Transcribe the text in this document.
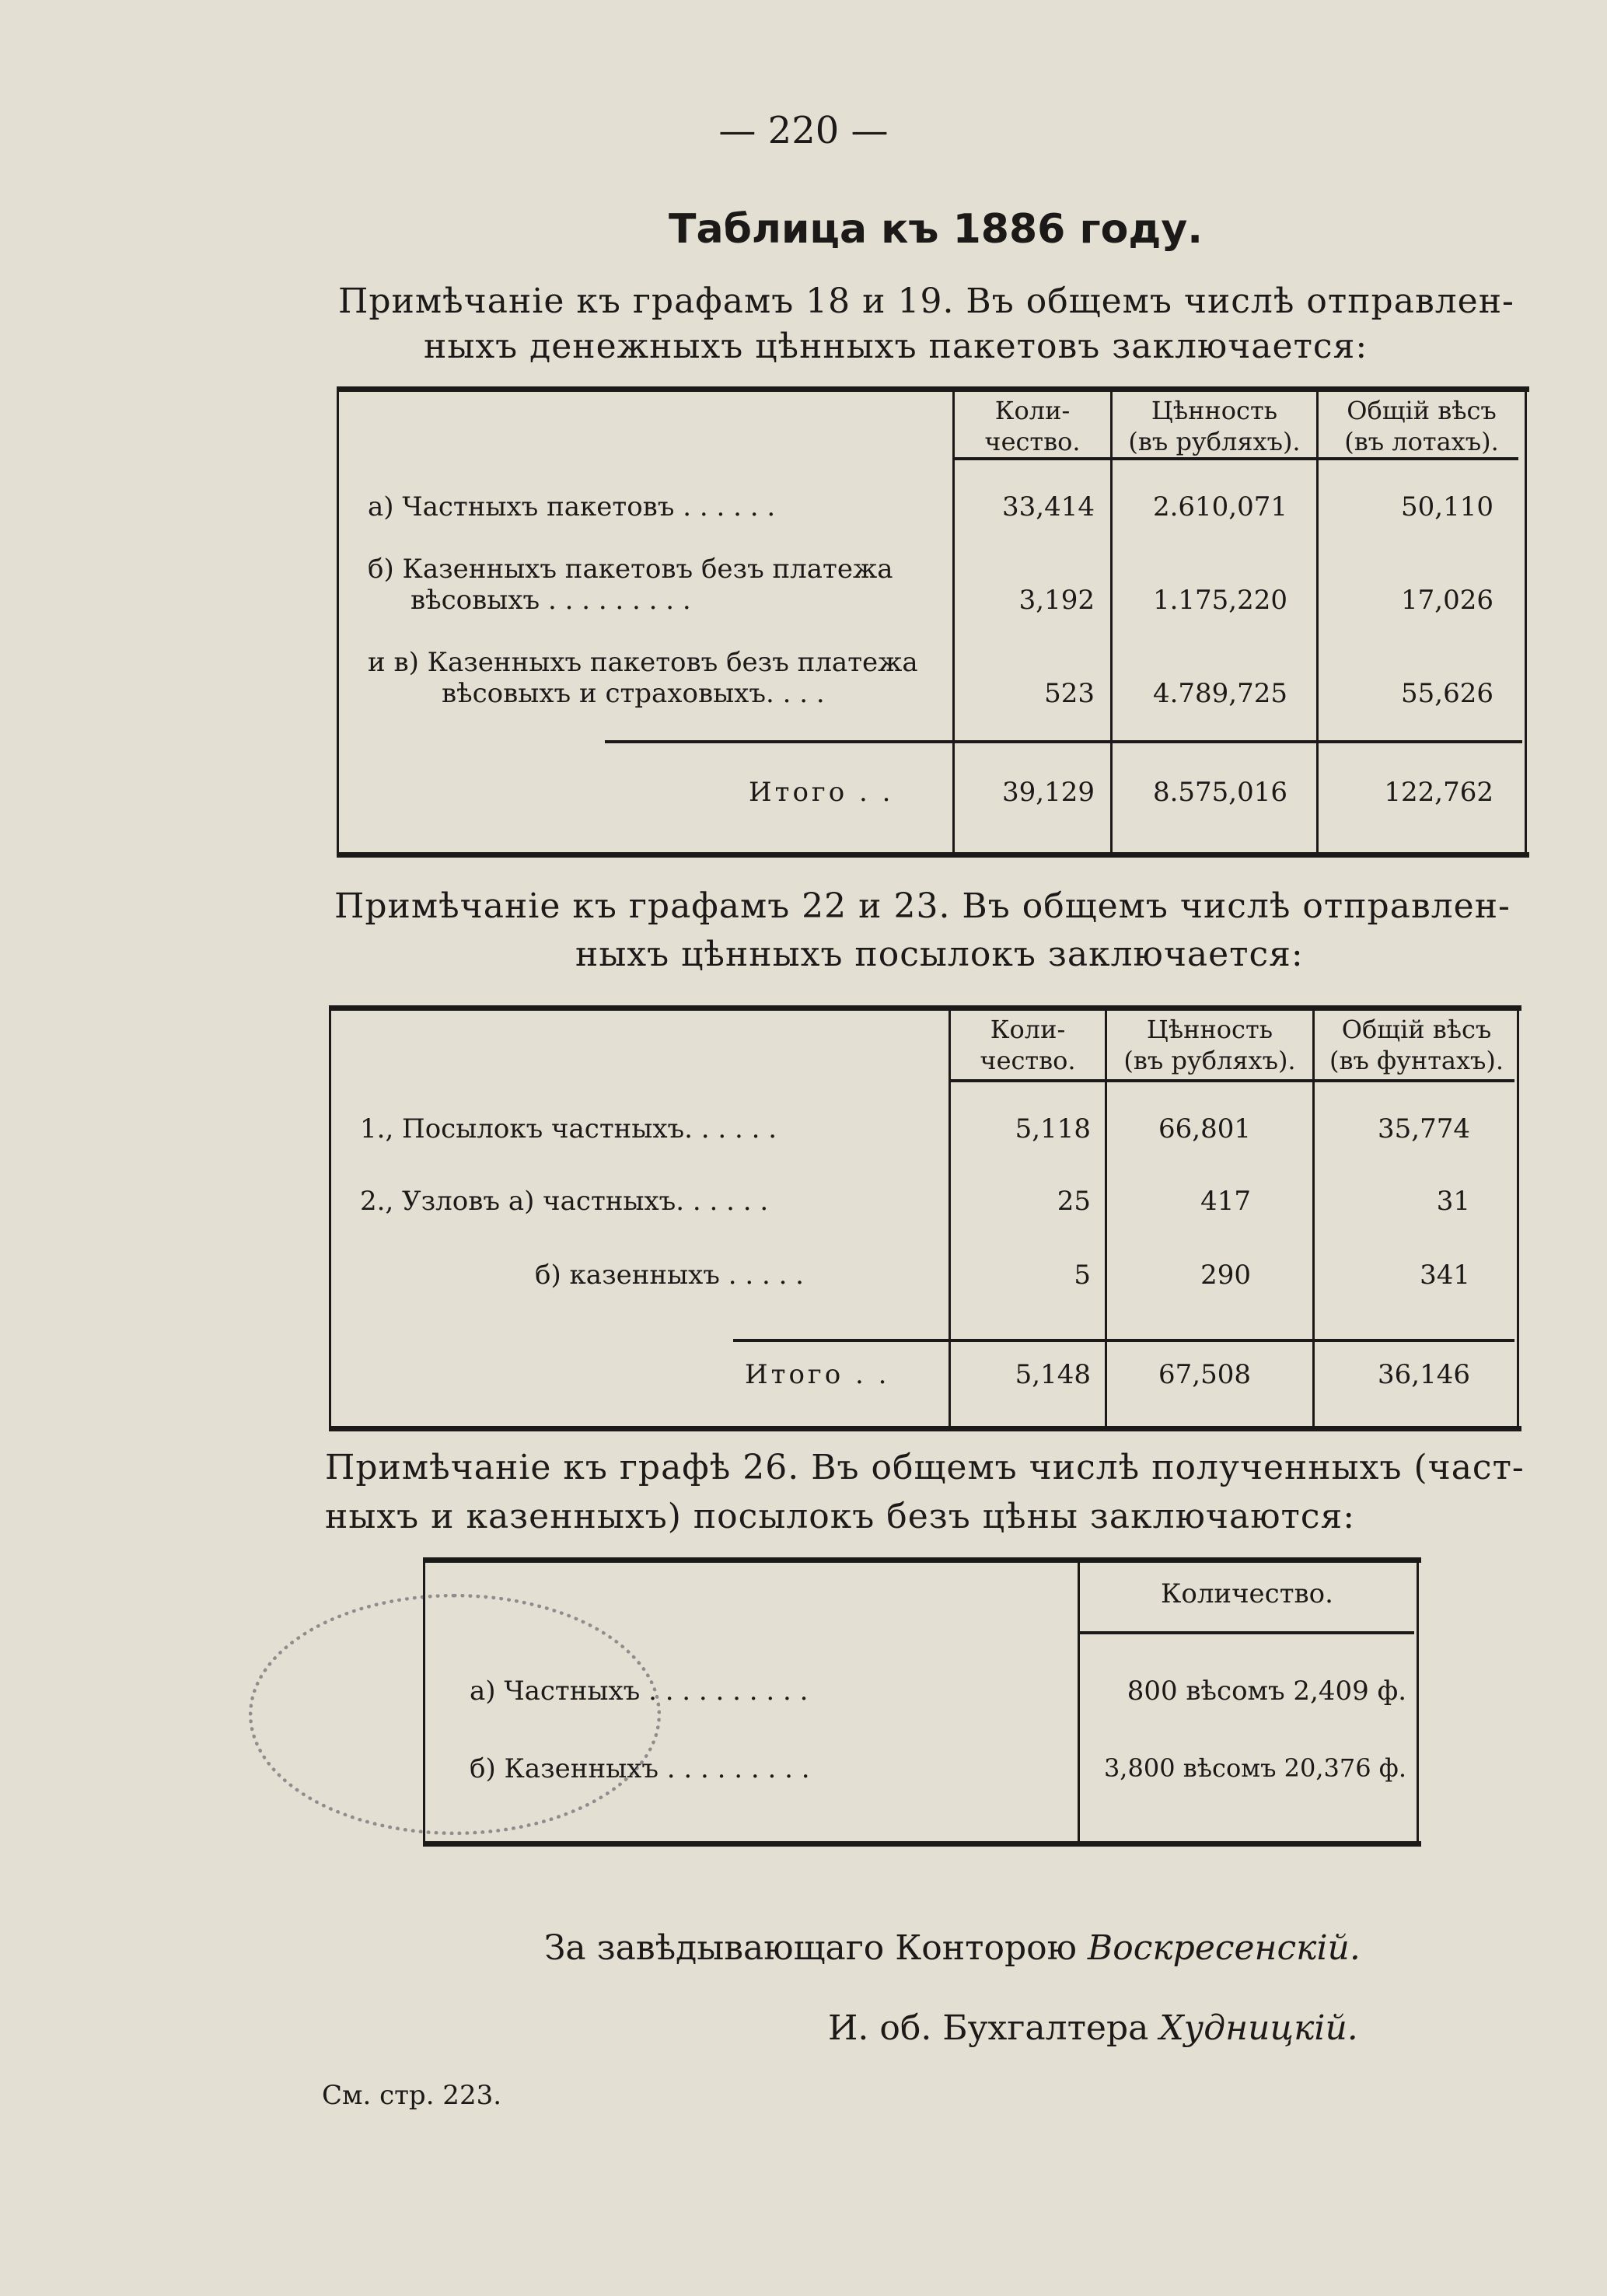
— 220 —
Таблица къ 1886 году.
Примѣчаніе къ графамъ 18 и 19. Въ общемъ числѣ отправлен-
ныхъ денежныхъ цѣнныхъ пакетовъ заключается:
Коли-
чество.
Цѣнность
(въ рубляхъ).
Общій вѣсъ
(въ лотахъ).
а) Частныхъ пакетовъ . . . . . .	33,414	2.610,071	50,110
б) Казенныхъ пакетовъ безъ платежа
вѣсовыхъ . . . . . . . . .	3,192	1.175,220	17,026
и в) Казенныхъ пакетовъ безъ платежа
вѣсовыхъ и страховыхъ. . . .	523	4.789,725	55,626
Итого . .	39,129	8.575,016	122,762
Примѣчаніе къ графамъ 22 и 23. Въ общемъ числѣ отправлен-
ныхъ цѣнныхъ посылокъ заключается:
Коли-
чество.
Цѣнность
(въ рубляхъ).
Общій вѣсъ
(въ фунтахъ).
1., Посылокъ частныхъ. . . . . .	5,118	66,801	35,774
2., Узловъ а) частныхъ. . . . . .	25	417	31
б) казенныхъ . . . . .	5	290	341
Итого . .	5,148	67,508	36,146
Примѣчаніе къ графѣ 26. Въ общемъ числѣ полученныхъ (част-
ныхъ и казенныхъ) посылокъ безъ цѣны заключаются:
Количество.
а) Частныхъ . . . . . . . . . .	800 вѣсомъ 2,409 ф.
б) Казенныхъ . . . . . . . . .	3,800 вѣсомъ 20,376 ф.
За завѣдывающаго Конторою Воскресенскій.
И. об. Бухгалтера Худницкій.
См. стр. 223.
